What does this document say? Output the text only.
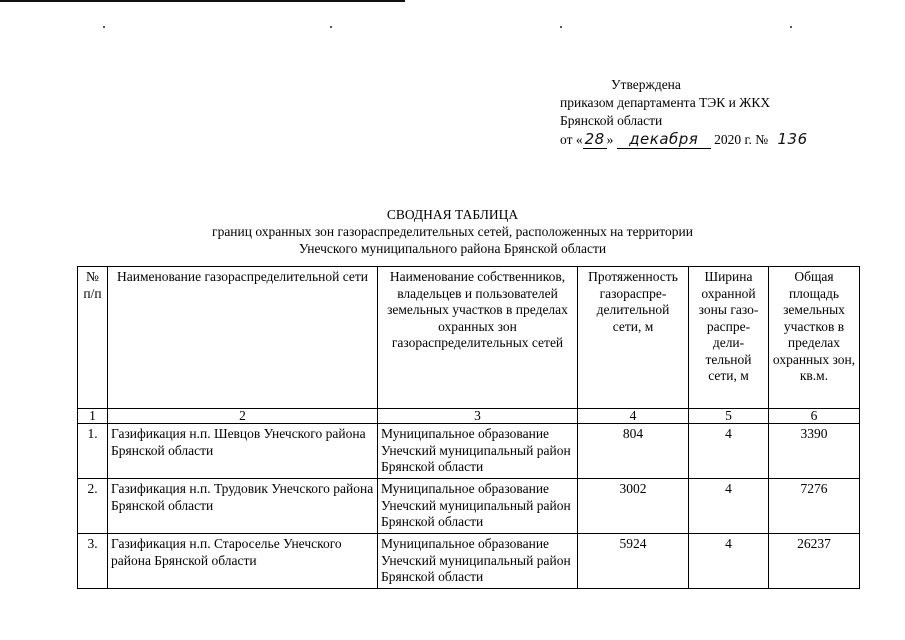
Утверждена
приказом департамента ТЭК и ЖКХ
Брянской области
от « 28 » декабря 2020 г. № 136
СВОДНАЯ ТАБЛИЦА
границ охранных зон газораспределительных сетей, расположенных на территории
Унечского муниципального района Брянской области
№ п/п	Наименование газораспределительной сети	Наименование собственников, владельцев и пользователей земельных участков в пределах охранных зон газораспределительных сетей	Протяженность газораспре-делительной сети, м	Ширина охранной зоны газо-распре-дели-тельной сети, м	Общая площадь земельных участков в пределах охранных зон, кв.м.
1	2	3	4	5	6
1.	Газификация н.п. Шевцов Унечского района Брянской области	Муниципальное образование Унечский муниципальный район Брянской области	804	4	3390
2.	Газификация н.п. Трудовик Унечского района Брянской области	Муниципальное образование Унечский муниципальный район Брянской области	3002	4	7276
3.	Газификация н.п. Староселье Унечского района Брянской области	Муниципальное образование Унечский муниципальный район Брянской области	5924	4	26237
